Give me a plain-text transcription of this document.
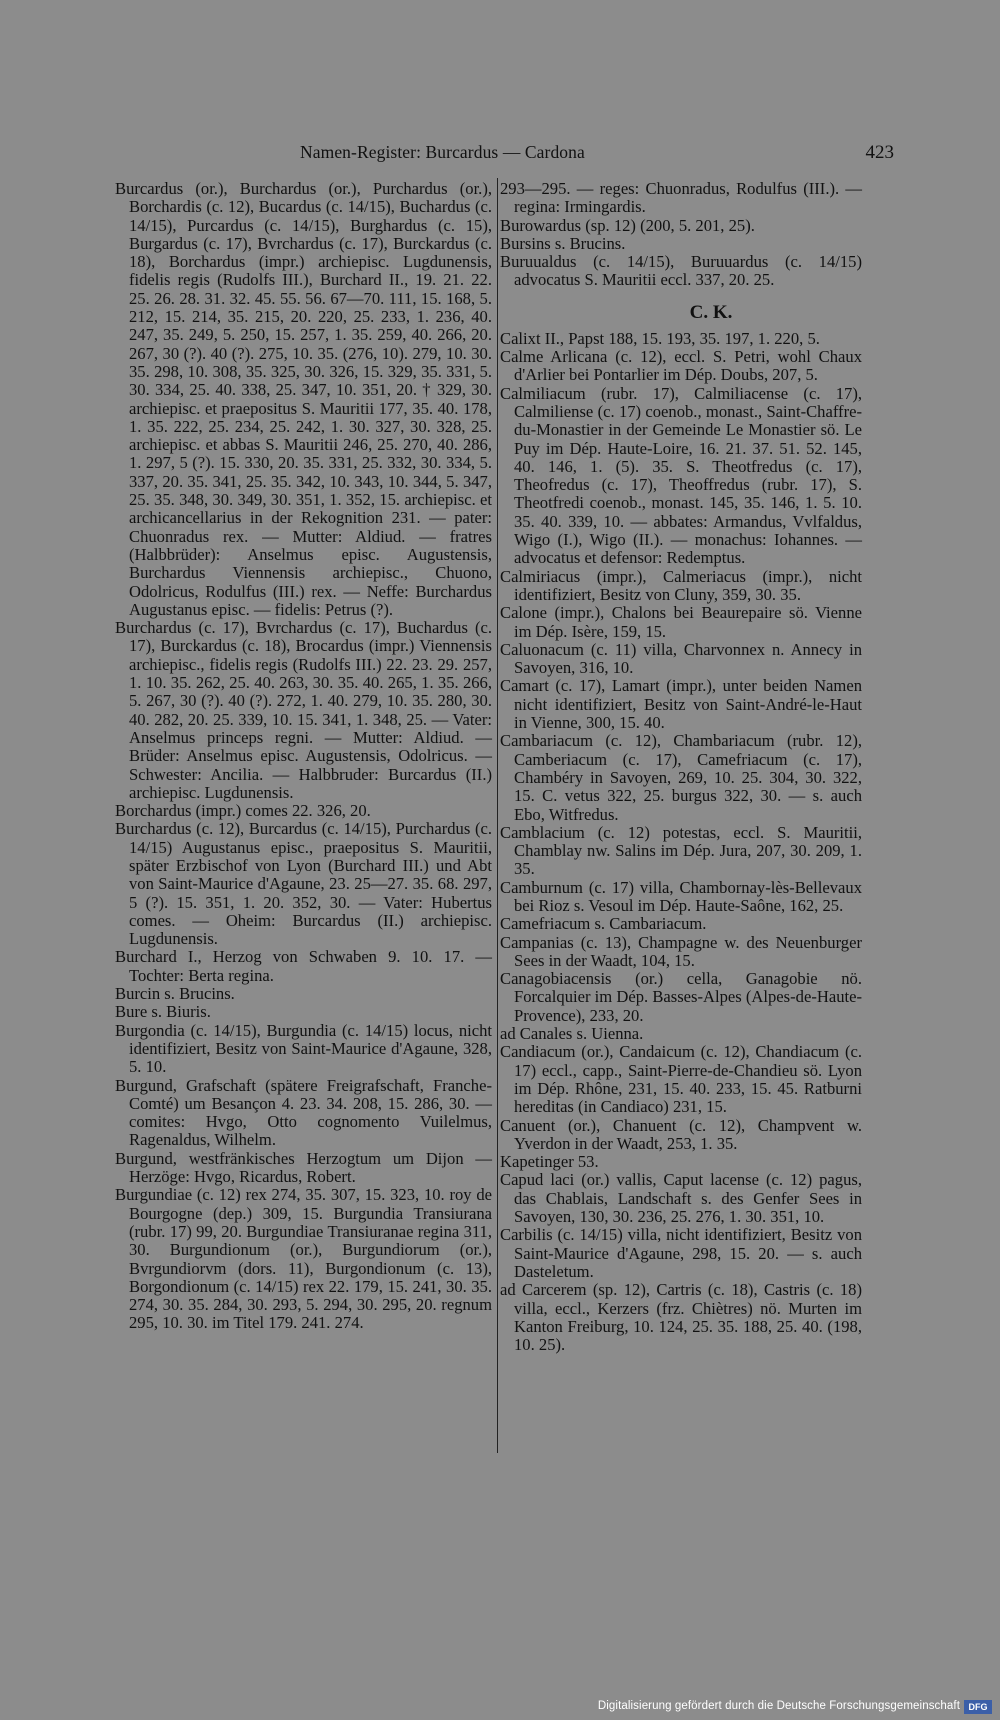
Namen-Register: Burcardus — Cardona	423

Burcardus (or.), Burchardus (or.), Purchardus (or.), Borchardis (c. 12), Bucardus (c. 14/15), Buchardus (c. 14/15), Purcardus (c. 14/15), Burghardus (c. 15), Burgardus (c. 17), Bvrchardus (c. 17), Burckardus (c. 18), Borchardus (impr.) archiepisc. Lugdunensis, fidelis regis (Rudolfs III.), Burchard II., 19. 21. 22. 25. 26. 28. 31. 32. 45. 55. 56. 67—70. 111, 15. 168, 5. 212, 15. 214, 35. 215, 20. 220, 25. 233, 1. 236, 40. 247, 35. 249, 5. 250, 15. 257, 1. 35. 259, 40. 266, 20. 267, 30 (?). 40 (?). 275, 10. 35. (276, 10). 279, 10. 30. 35. 298, 10. 308, 35. 325, 30. 326, 15. 329, 35. 331, 5. 30. 334, 25. 40. 338, 25. 347, 10. 351, 20. † 329, 30. archiepisc. et praepositus S. Mauritii 177, 35. 40. 178, 1. 35. 222, 25. 234, 25. 242, 1. 30. 327, 30. 328, 25. archiepisc. et abbas S. Mauritii 246, 25. 270, 40. 286, 1. 297, 5 (?). 15. 330, 20. 35. 331, 25. 332, 30. 334, 5. 337, 20. 35. 341, 25. 35. 342, 10. 343, 10. 344, 5. 347, 25. 35. 348, 30. 349, 30. 351, 1. 352, 15. archiepisc. et archicancellarius in der Rekognition 231. — pater: Chuonradus rex. — Mutter: Aldiud. — fratres (Halbbrüder): Anselmus episc. Augustensis, Burchardus Viennensis archiepisc., Chuono, Odolricus, Rodulfus (III.) rex. — Neffe: Burchardus Augustanus episc. — fidelis: Petrus (?).

Burchardus (c. 17), Bvrchardus (c. 17), Buchardus (c. 17), Burckardus (c. 18), Brocardus (impr.) Viennensis archiepisc., fidelis regis (Rudolfs III.) 22. 23. 29. 257, 1. 10. 35. 262, 25. 40. 263, 30. 35. 40. 265, 1. 35. 266, 5. 267, 30 (?). 40 (?). 272, 1. 40. 279, 10. 35. 280, 30. 40. 282, 20. 25. 339, 10. 15. 341, 1. 348, 25. — Vater: Anselmus princeps regni. — Mutter: Aldiud. — Brüder: Anselmus episc. Augustensis, Odolricus. — Schwester: Ancilia. — Halbbruder: Burcardus (II.) archiepisc. Lugdunensis.

Borchardus (impr.) comes 22. 326, 20.

Burchardus (c. 12), Burcardus (c. 14/15), Purchardus (c. 14/15) Augustanus episc., praepositus S. Mauritii, später Erzbischof von Lyon (Burchard III.) und Abt von Saint-Maurice d'Agaune, 23. 25—27. 35. 68. 297, 5 (?). 15. 351, 1. 20. 352, 30. — Vater: Hubertus comes. — Oheim: Burcardus (II.) archiepisc. Lugdunensis.

Burchard I., Herzog von Schwaben 9. 10. 17. — Tochter: Berta regina.

Burcin s. Brucins.

Bure s. Biuris.

Burgondia (c. 14/15), Burgundia (c. 14/15) locus, nicht identifiziert, Besitz von Saint-Maurice d'Agaune, 328, 5. 10.

Burgund, Grafschaft (spätere Freigrafschaft, Franche-Comté) um Besançon 4. 23. 34. 208, 15. 286, 30. — comites: Hvgo, Otto cognomento Vuilelmus, Ragenaldus, Wilhelm.

Burgund, westfränkisches Herzogtum um Dijon — Herzöge: Hvgo, Ricardus, Robert.

Burgundiae (c. 12) rex 274, 35. 307, 15. 323, 10. roy de Bourgogne (dep.) 309, 15. Burgundia Transiurana (rubr. 17) 99, 20. Burgundiae Transiuranae regina 311, 30. Burgundionum (or.), Burgundiorum (or.), Bvrgundiorvm (dors. 11), Burgondionum (c. 13), Borgondionum (c. 14/15) rex 22. 179, 15. 241, 30. 35. 274, 30. 35. 284, 30. 293, 5. 294, 30. 295, 20. regnum 295, 10. 30. im Titel 179. 241. 274.

293—295. — reges: Chuonradus, Rodulfus (III.). — regina: Irmingardis.

Burowardus (sp. 12) (200, 5. 201, 25).

Bursins s. Brucins.

Buruualdus (c. 14/15), Buruuardus (c. 14/15) advocatus S. Mauritii eccl. 337, 20. 25.

C. K.

Calixt II., Papst 188, 15. 193, 35. 197, 1. 220, 5.

Calme Arlicana (c. 12), eccl. S. Petri, wohl Chaux d'Arlier bei Pontarlier im Dép. Doubs, 207, 5.

Calmiliacum (rubr. 17), Calmiliacense (c. 17), Calmiliense (c. 17) coenob., monast., Saint-Chaffre-du-Monastier in der Gemeinde Le Monastier sö. Le Puy im Dép. Haute-Loire, 16. 21. 37. 51. 52. 145, 40. 146, 1. (5). 35. S. Theotfredus (c. 17), Theofredus (c. 17), Theoffredus (rubr. 17), S. Theotfredi coenob., monast. 145, 35. 146, 1. 5. 10. 35. 40. 339, 10. — abbates: Armandus, Vvlfaldus, Wigo (I.), Wigo (II.). — monachus: Iohannes. — advocatus et defensor: Redemptus.

Calmiriacus (impr.), Calmeriacus (impr.), nicht identifiziert, Besitz von Cluny, 359, 30. 35.

Calone (impr.), Chalons bei Beaurepaire sö. Vienne im Dép. Isère, 159, 15.

Caluonacum (c. 11) villa, Charvonnex n. Annecy in Savoyen, 316, 10.

Camart (c. 17), Lamart (impr.), unter beiden Namen nicht identifiziert, Besitz von Saint-André-le-Haut in Vienne, 300, 15. 40.

Cambariacum (c. 12), Chambariacum (rubr. 12), Camberiacum (c. 17), Camefriacum (c. 17), Chambéry in Savoyen, 269, 10. 25. 304, 30. 322, 15. C. vetus 322, 25. burgus 322, 30. — s. auch Ebo, Witfredus.

Camblacium (c. 12) potestas, eccl. S. Mauritii, Chamblay nw. Salins im Dép. Jura, 207, 30. 209, 1. 35.

Camburnum (c. 17) villa, Chambornay-lès-Bellevaux bei Rioz s. Vesoul im Dép. Haute-Saône, 162, 25.

Camefriacum s. Cambariacum.

Campanias (c. 13), Champagne w. des Neuenburger Sees in der Waadt, 104, 15.

Canagobiacensis (or.) cella, Ganagobie nö. Forcalquier im Dép. Basses-Alpes (Alpes-de-Haute-Provence), 233, 20.

ad Canales s. Uienna.

Candiacum (or.), Candaicum (c. 12), Chandiacum (c. 17) eccl., capp., Saint-Pierre-de-Chandieu sö. Lyon im Dép. Rhône, 231, 15. 40. 233, 15. 45. Ratburni hereditas (in Candiaco) 231, 15.

Canuent (or.), Chanuent (c. 12), Champvent w. Yverdon in der Waadt, 253, 1. 35.

Kapetinger 53.

Capud laci (or.) vallis, Caput lacense (c. 12) pagus, das Chablais, Landschaft s. des Genfer Sees in Savoyen, 130, 30. 236, 25. 276, 1. 30. 351, 10.

Carbilis (c. 14/15) villa, nicht identifiziert, Besitz von Saint-Maurice d'Agaune, 298, 15. 20. — s. auch Dasteletum.

ad Carcerem (sp. 12), Cartris (c. 18), Castris (c. 18) villa, eccl., Kerzers (frz. Chiètres) nö. Murten im Kanton Freiburg, 10. 124, 25. 35. 188, 25. 40. (198, 10. 25).

Digitalisierung gefördert durch die Deutsche Forschungsgemeinschaft DFG
